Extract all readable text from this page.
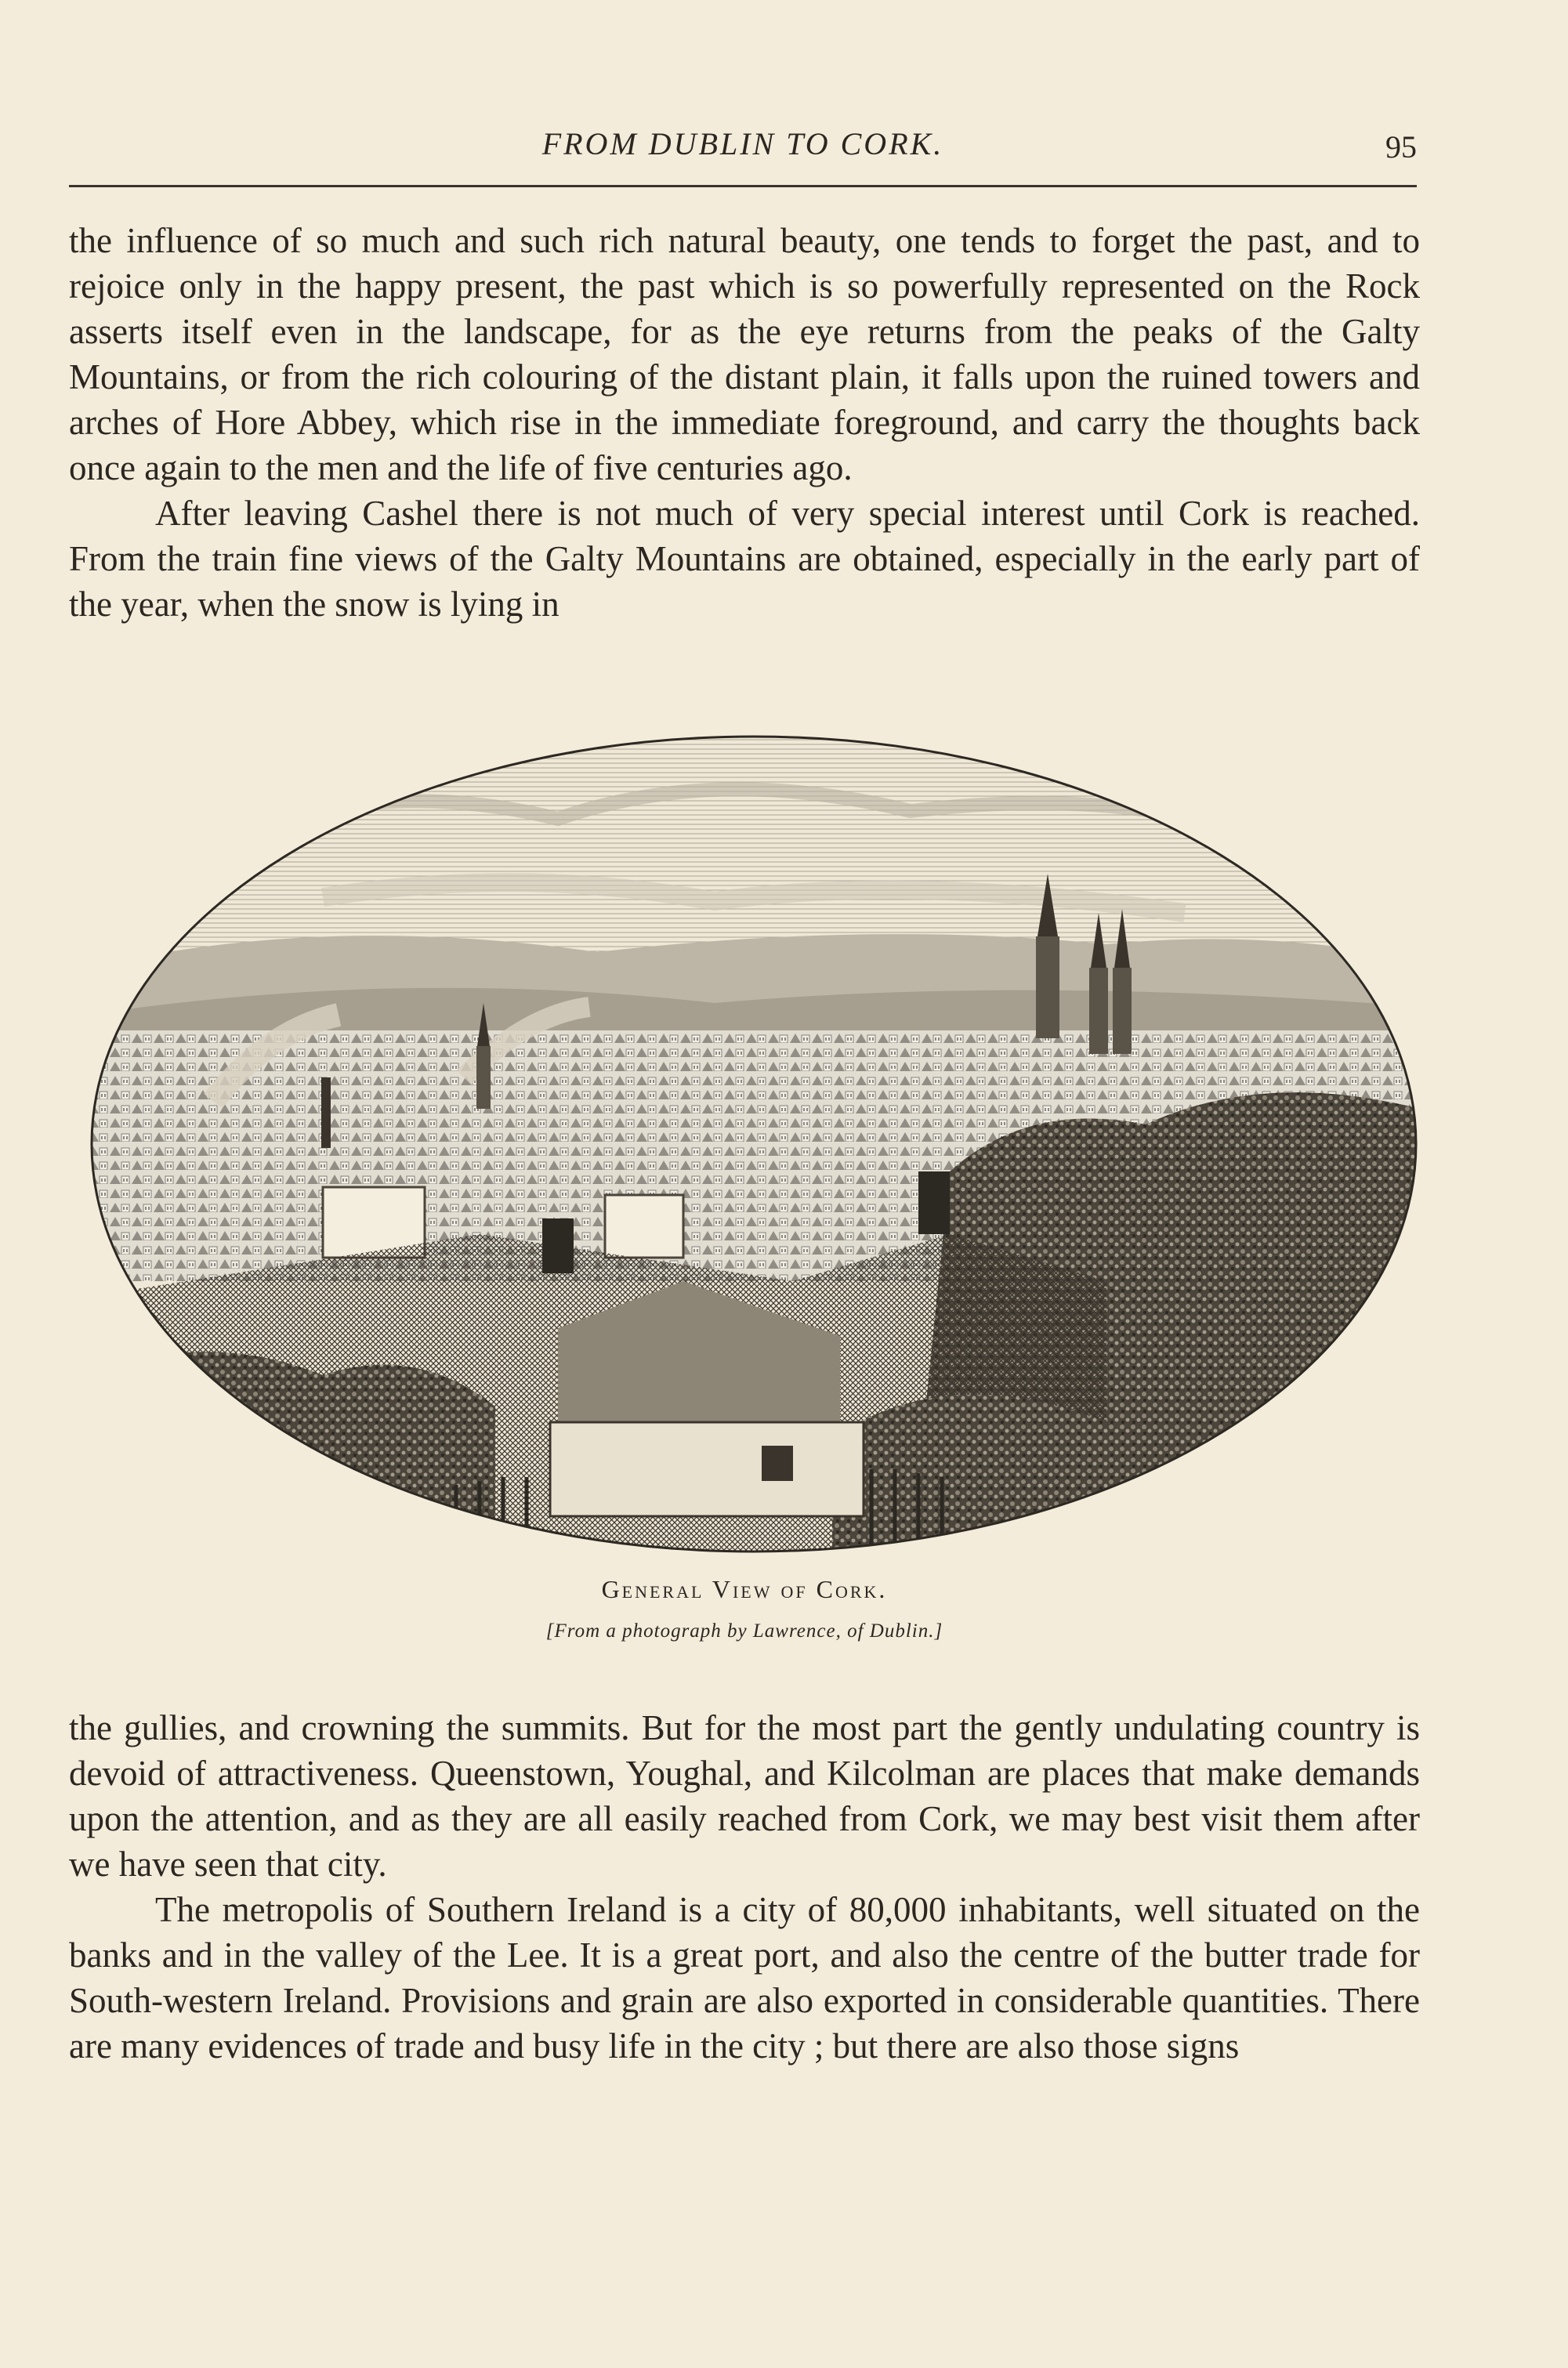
FROM DUBLIN TO CORK.	95

the influence of so much and such rich natural beauty, one tends to forget the past, and to rejoice only in the happy present, the past which is so powerfully represented on the Rock asserts itself even in the landscape, for as the eye returns from the peaks of the Galty Mountains, or from the rich colouring of the distant plain, it falls upon the ruined towers and arches of Hore Abbey, which rise in the immediate foreground, and carry the thoughts back once again to the men and the life of five centuries ago.

After leaving Cashel there is not much of very special interest until Cork is reached. From the train fine views of the Galty Mountains are obtained, especially in the early part of the year, when the snow is lying in

General View of Cork.
[From a photograph by Lawrence, of Dublin.]

the gullies, and crowning the summits. But for the most part the gently undulating country is devoid of attractiveness. Queenstown, Youghal, and Kilcolman are places that make demands upon the attention, and as they are all easily reached from Cork, we may best visit them after we have seen that city.

The metropolis of Southern Ireland is a city of 80,000 inhabitants, well situated on the banks and in the valley of the Lee. It is a great port, and also the centre of the butter trade for South-western Ireland. Provisions and grain are also exported in considerable quantities. There are many evidences of trade and busy life in the city ; but there are also those signs
